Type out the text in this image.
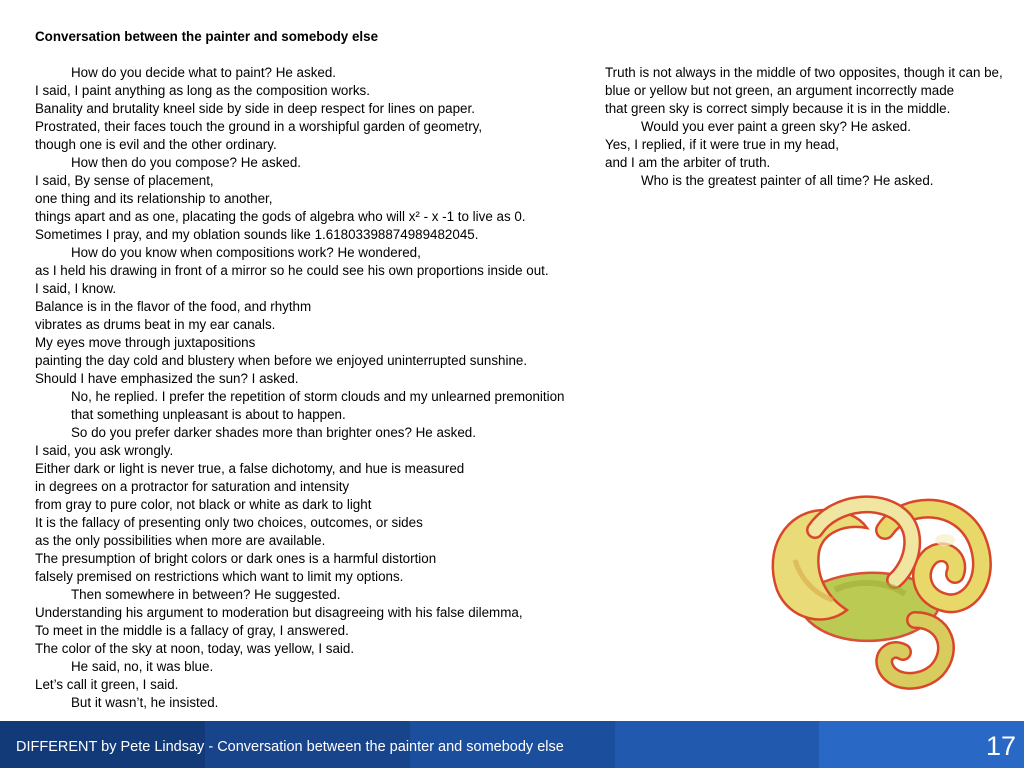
Conversation between the painter and somebody else
How do you decide what to paint? He asked.
I said, I paint anything as long as the composition works.
Banality and brutality kneel side by side in deep respect for lines on paper.
Prostrated, their faces touch the ground in a worshipful garden of geometry,
though one is evil and the other ordinary.
How then do you compose? He asked.
I said, By sense of placement,
one thing and its relationship to another,
things apart and as one, placating the gods of algebra who will x² - x -1 to live as 0.
Sometimes I pray, and my oblation sounds like 1.61803398874989482045.
How do you know when compositions work? He wondered,
as I held his drawing in front of a mirror so he could see his own proportions inside out.
I said, I know.
Balance is in the flavor of the food, and rhythm
vibrates as drums beat in my ear canals.
My eyes move through juxtapositions
painting the day cold and blustery when before we enjoyed uninterrupted sunshine.
Should I have emphasized the sun? I asked.
No, he replied. I prefer the repetition of storm clouds and my unlearned premonition
that something unpleasant is about to happen.
So do you prefer darker shades more than brighter ones? He asked.
I said, you ask wrongly.
Either dark or light is never true, a false dichotomy, and hue is measured
in degrees on a protractor for saturation and intensity
from gray to pure color, not black or white as dark to light
It is the fallacy of presenting only two choices, outcomes, or sides
as the only possibilities when more are available.
The presumption of bright colors or dark ones is a harmful distortion
falsely premised on restrictions which want to limit my options.
Then somewhere in between? He suggested.
Understanding his argument to moderation but disagreeing with his false dilemma,
To meet in the middle is a fallacy of gray, I answered.
The color of the sky at noon, today, was yellow, I said.
He said, no, it was blue.
Let’s call it green, I said.
But it wasn’t, he insisted.
Truth is not always in the middle of two opposites, though it can be,
blue or yellow but not green, an argument incorrectly made
that green sky is correct simply because it is in the middle.
Would you ever paint a green sky? He asked.
Yes, I replied, if it were true in my head,
and I am the arbiter of truth.
Who is the greatest painter of all time? He asked.
DIFFERENT by Pete Lindsay - Conversation between the painter and somebody else	17
